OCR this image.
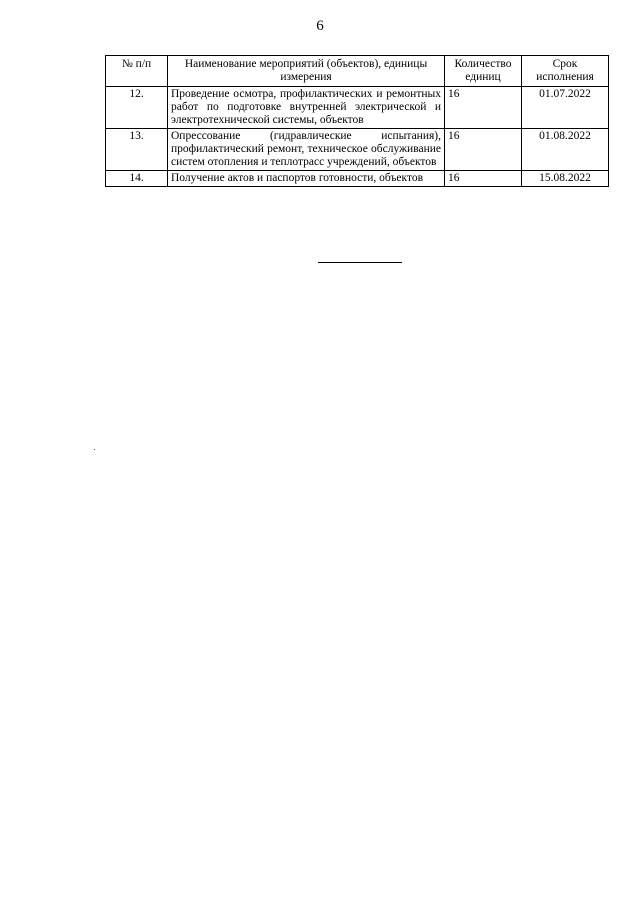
6
№ п/п	Наименование мероприятий (объектов), единицы измерения	Количество единиц	Срок исполнения
12.	Проведение осмотра, профилактических и ремонтных работ по подготовке внутренней электрической и электротехнической системы, объектов	16	01.07.2022
13.	Опрессование (гидравлические испытания), профилактический ремонт, техническое обслуживание систем отопления и теплотрасс учреждений, объектов	16	01.08.2022
14.	Получение актов и паспортов готовности, объектов	16	15.08.2022
